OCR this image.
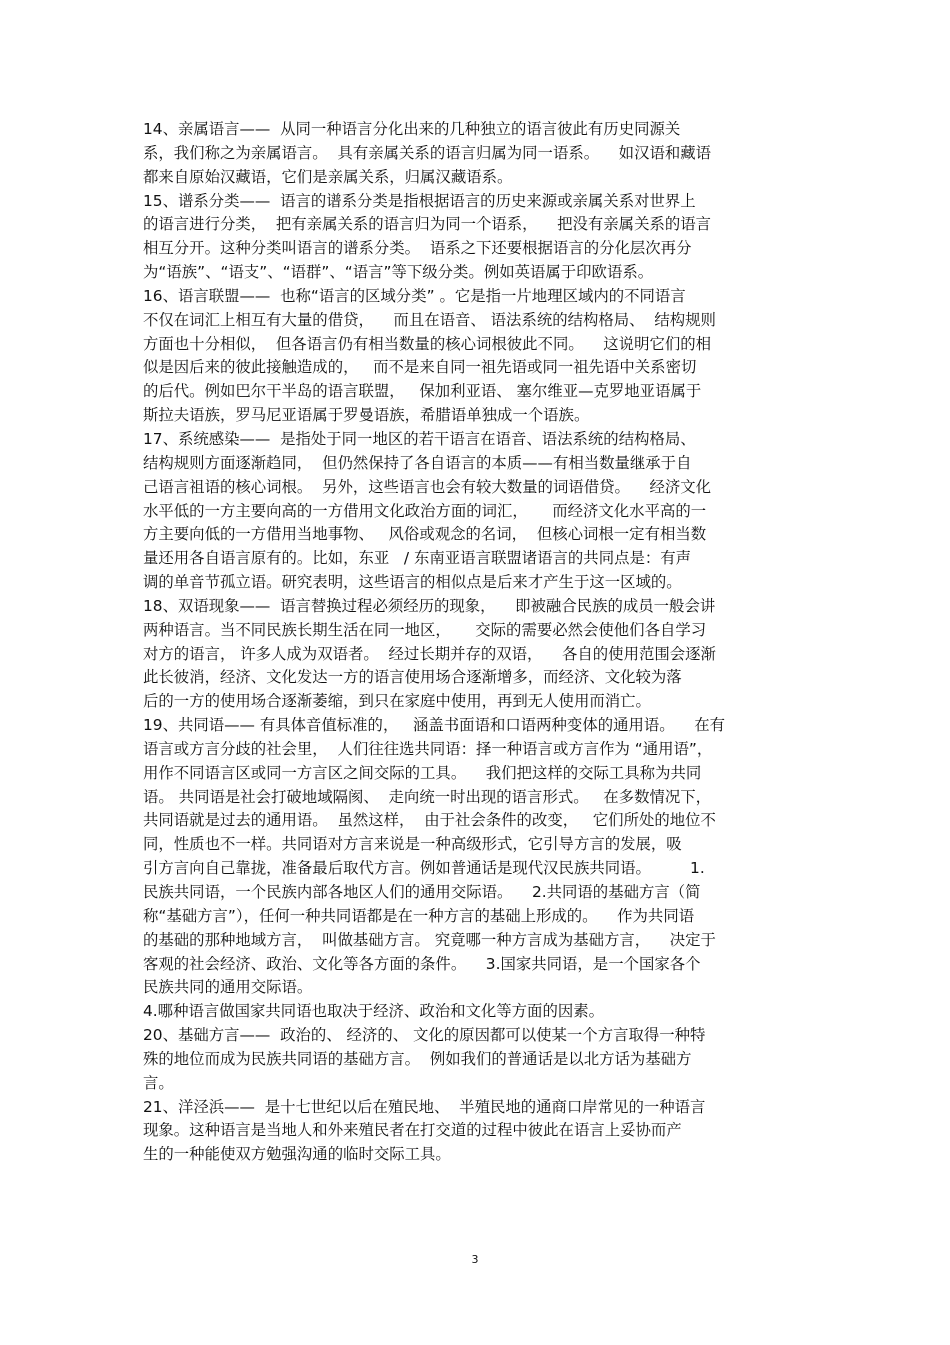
14、亲属语言——  从同一种语言分化出来的几种独立的语言彼此有历史同源关
系，我们称之为亲属语言。  具有亲属关系的语言归属为同一语系。    如汉语和藏语
都来自原始汉藏语，它们是亲属关系，归属汉藏语系。
15、谱系分类——  语言的谱系分类是指根据语言的历史来源或亲属关系对世界上
的语言进行分类，  把有亲属关系的语言归为同一个语系，    把没有亲属关系的语言
相互分开。这种分类叫语言的谱系分类。  语系之下还要根据语言的分化层次再分
为“语族”、“语支”、“语群”、“语言”等下级分类。例如英语属于印欧语系。
16、语言联盟——  也称“语言的区域分类” 。它是指一片地理区域内的不同语言
不仅在词汇上相互有大量的借贷，    而且在语音、 语法系统的结构格局、  结构规则
方面也十分相似，  但各语言仍有相当数量的核心词根彼此不同。    这说明它们的相
似是因后来的彼此接触造成的，   而不是来自同一祖先语或同一祖先语中关系密切
的后代。例如巴尔干半岛的语言联盟，   保加利亚语、 塞尔维亚—克罗地亚语属于
斯拉夫语族，罗马尼亚语属于罗曼语族，希腊语单独成一个语族。
17、系统感染——  是指处于同一地区的若干语言在语音、语法系统的结构格局、
结构规则方面逐渐趋同，  但仍然保持了各自语言的本质——有相当数量继承于自
己语言祖语的核心词根。  另外，这些语言也会有较大数量的词语借贷。    经济文化
水平低的一方主要向高的一方借用文化政治方面的词汇，     而经济文化水平高的一
方主要向低的一方借用当地事物、   风俗或观念的名词，  但核心词根一定有相当数
量还用各自语言原有的。比如，东亚   / 东南亚语言联盟诸语言的共同点是：有声
调的单音节孤立语。研究表明，这些语言的相似点是后来才产生于这一区域的。
18、双语现象——  语言替换过程必须经历的现象，    即被融合民族的成员一般会讲
两种语言。当不同民族长期生活在同一地区，     交际的需要必然会使他们各自学习
对方的语言， 许多人成为双语者。  经过长期并存的双语，    各自的使用范围会逐渐
此长彼消，经济、文化发达一方的语言使用场合逐渐增多，而经济、文化较为落
后的一方的使用场合逐渐萎缩，到只在家庭中使用，再到无人使用而消亡。
19、共同语—— 有具体音值标准的，   涵盖书面语和口语两种变体的通用语。    在有
语言或方言分歧的社会里，  人们往往选共同语：择一种语言或方言作为 “通用语”，
用作不同语言区或同一方言区之间交际的工具。    我们把这样的交际工具称为共同
语。 共同语是社会打破地域隔阂、  走向统一时出现的语言形式。   在多数情况下，
共同语就是过去的通用语。  虽然这样，  由于社会条件的改变，   它们所处的地位不
同，性质也不一样。共同语对方言来说是一种高级形式，它引导方言的发展，吸
引方言向自己靠拢，准备最后取代方言。例如普通话是现代汉民族共同语。        1.
民族共同语，一个民族内部各地区人们的通用交际语。    2.共同语的基础方言（简
称“基础方言”），任何一种共同语都是在一种方言的基础上形成的。    作为共同语
的基础的那种地域方言，  叫做基础方言。 究竟哪一种方言成为基础方言，    决定于
客观的社会经济、政治、文化等各方面的条件。    3.国家共同语，是一个国家各个
民族共同的通用交际语。
4.哪种语言做国家共同语也取决于经济、政治和文化等方面的因素。
20、基础方言——  政治的、 经济的、 文化的原因都可以使某一个方言取得一种特
殊的地位而成为民族共同语的基础方言。  例如我们的普通话是以北方话为基础方
言。
21、洋泾浜——  是十七世纪以后在殖民地、  半殖民地的通商口岸常见的一种语言
现象。这种语言是当地人和外来殖民者在打交道的过程中彼此在语言上妥协而产
生的一种能使双方勉强沟通的临时交际工具。
3
